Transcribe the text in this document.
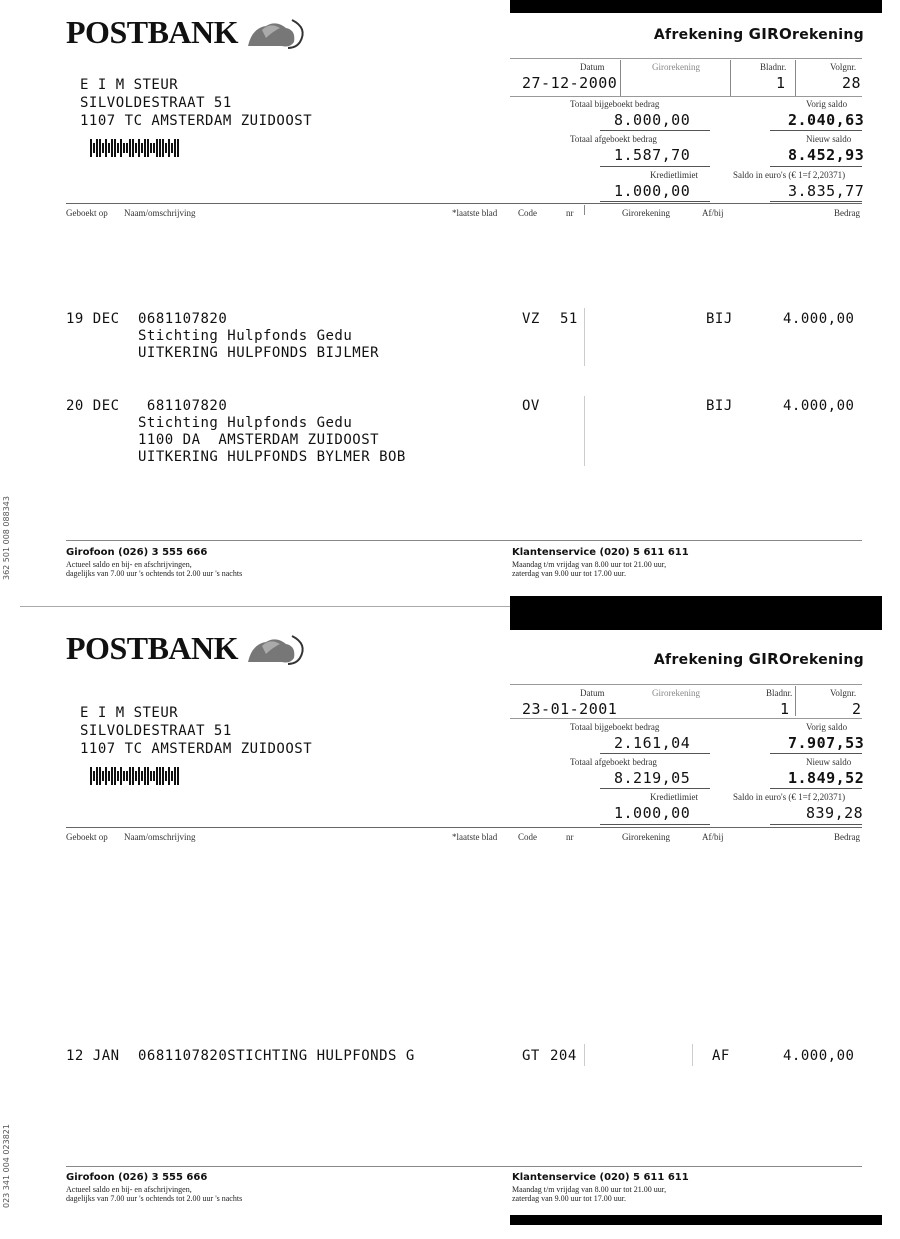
POSTBANK	Afrekening GIROrekening
E I M STEUR
SILVOLDESTRAAT 51
1107 TC AMSTERDAM ZUIDOOST
Datum	Girorekening	Bladnr.	Volgnr.
27-12-2000	1	28
Totaal bijgeboekt bedrag	Vorig saldo
8.000,00	2.040,63
Totaal afgeboekt bedrag	Nieuw saldo
1.587,70	8.452,93
Kredietlimiet	Saldo in euro's (€ 1=f 2,20371)
1.000,00	3.835,77
Geboekt op Naam/omschrijving	*laatste blad Code	nr	Girorekening	Af/bij	Bedrag
19 DEC 0681107820
Stichting Hulpfonds Gedu
UITKERING HULPFONDS BIJLMER
VZ 51	BIJ	4.000,00
20 DEC 681107820
Stichting Hulpfonds Gedu
1100 DA  AMSTERDAM ZUIDOOST
UITKERING HULPFONDS BYLMER BOB
OV	BIJ	4.000,00
Girofoon (026) 3 555 666
Actueel saldo en bij- en afschrijvingen,
dagelijks van 7.00 uur 's ochtends tot 2.00 uur 's nachts
Klantenservice (020) 5 611 611
Maandag t/m vrijdag van 8.00 uur tot 21.00 uur,
zaterdag van 9.00 uur tot 17.00 uur.
362 501 008 088343
POSTBANK	Afrekening GIROrekening
E I M STEUR
SILVOLDESTRAAT 51
1107 TC AMSTERDAM ZUIDOOST
Datum	Girorekening	Bladnr.	Volgnr.
23-01-2001	1	2
Totaal bijgeboekt bedrag	Vorig saldo
2.161,04	7.907,53
Totaal afgeboekt bedrag	Nieuw saldo
8.219,05	1.849,52
Kredietlimiet	Saldo in euro's (€ 1=f 2,20371)
1.000,00	839,28
Geboekt op Naam/omschrijving	*laatste blad Code	nr	Girorekening	Af/bij	Bedrag
12 JAN 0681107820STICHTING HULPFONDS G	GT 204	AF	4.000,00
Girofoon (026) 3 555 666
Actueel saldo en bij- en afschrijvingen,
dagelijks van 7.00 uur 's ochtends tot 2.00 uur 's nachts
Klantenservice (020) 5 611 611
Maandag t/m vrijdag van 8.00 uur tot 21.00 uur,
zaterdag van 9.00 uur tot 17.00 uur.
023 341 004 023821
